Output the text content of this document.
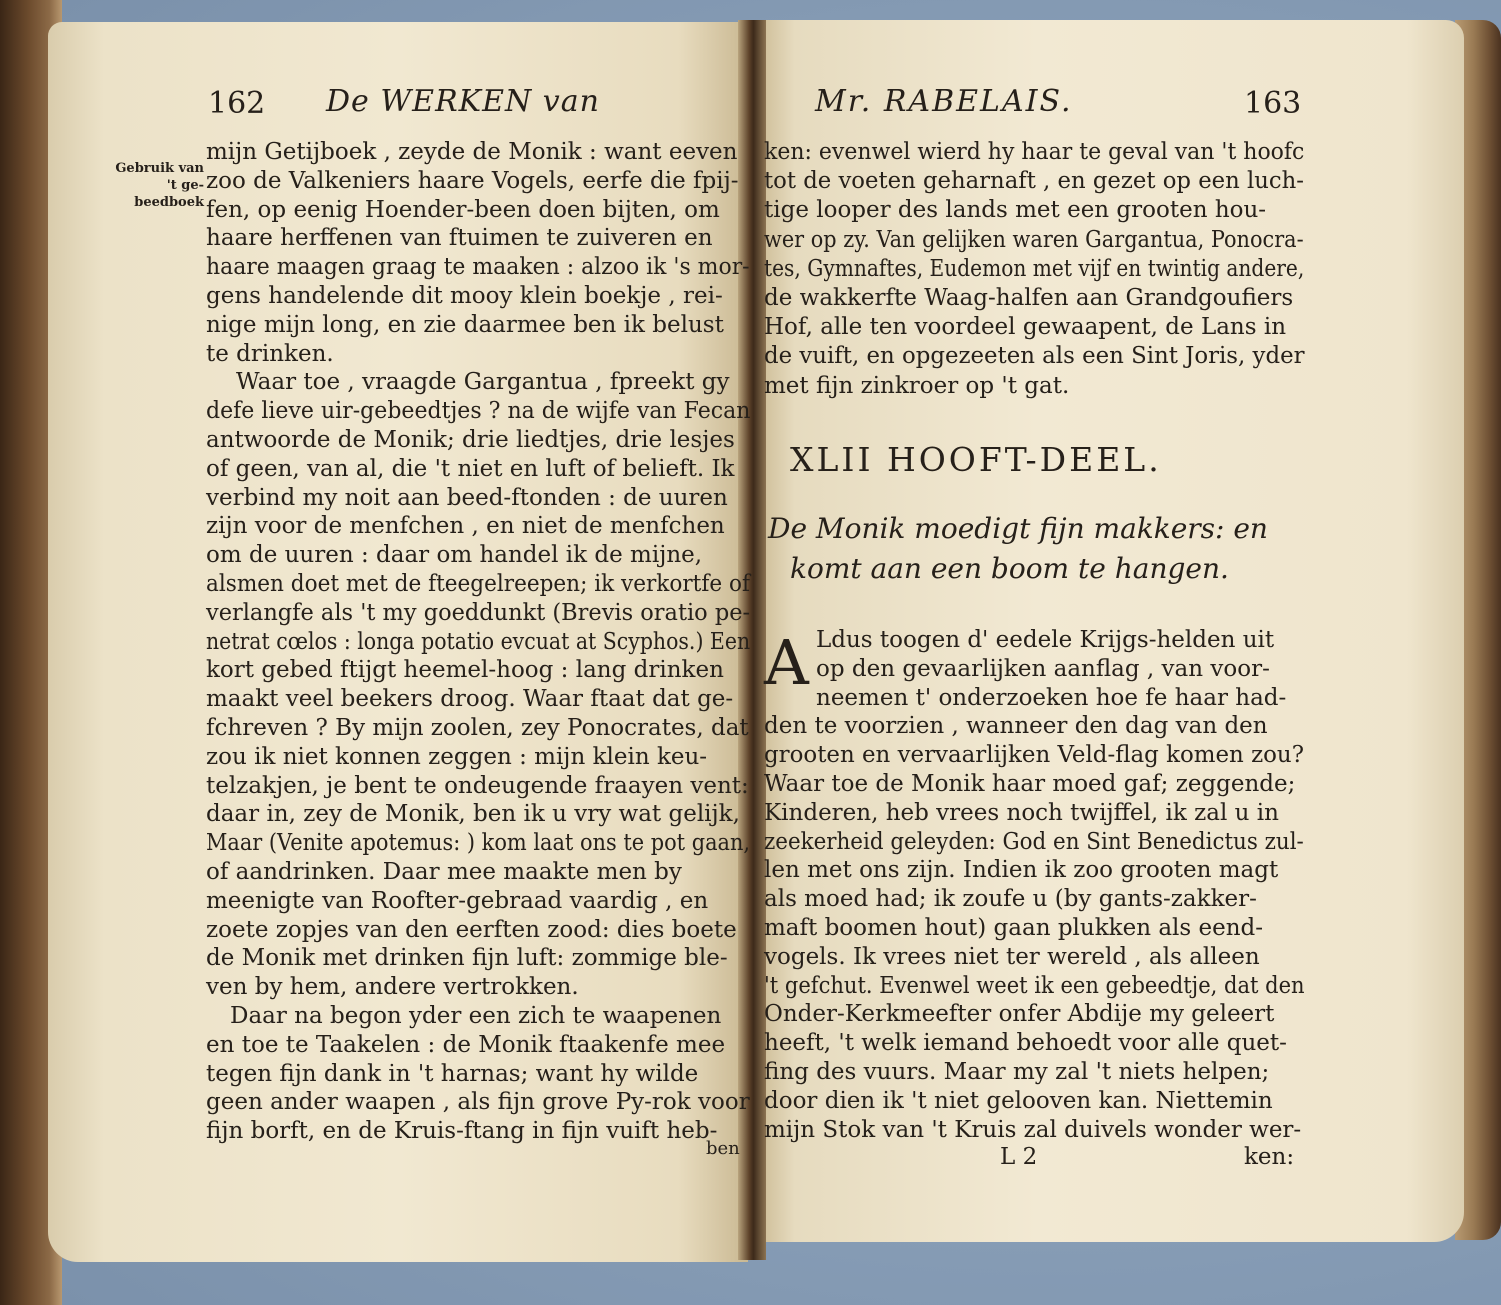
162 De WERKEN van
Gebruik van 't ge-beedboek
mijn Getijboek , zeyde de Monik : want eeven
zoo de Valkeniers haare Vogels, eerfe die fpij-
fen, op eenig Hoender-been doen bijten, om
haare herffenen van ftuimen te zuiveren en
haare maagen graag te maaken : alzoo ik 's mor-
gens handelende dit mooy klein boekje , rei-
nige mijn long, en zie daarmee ben ik belust
te drinken.
Waar toe , vraagde Gargantua , fpreekt gy
defe lieve uir-gebeedtjes ? na de wijfe van Fecan
antwoorde de Monik; drie liedtjes, drie lesjes
of geen, van al, die 't niet en luft of belieft. Ik
verbind my noit aan beed-ftonden : de uuren
zijn voor de menfchen , en niet de menfchen
om de uuren : daar om handel ik de mijne,
alsmen doet met de fteegelreepen; ik verkortfe of
verlangfe als 't my goeddunkt (Brevis oratio pe-
netrat cœlos : longa potatio evcuat at Scyphos.) Een
kort gebed ftijgt heemel-hoog : lang drinken
maakt veel beekers droog. Waar ftaat dat ge-
fchreven ? By mijn zoolen, zey Ponocrates, dat
zou ik niet konnen zeggen : mijn klein keu-
telzakjen, je bent te ondeugende fraayen vent:
daar in, zey de Monik, ben ik u vry wat gelijk,
Maar (Venite apotemus: ) kom laat ons te pot gaan,
of aandrinken. Daar mee maakte men by
meenigte van Roofter-gebraad vaardig , en
zoete zopjes van den eerften zood: dies boete
de Monik met drinken fijn luft: zommige ble-
ven by hem, andere vertrokken.
Daar na begon yder een zich te waapenen
en toe te Taakelen : de Monik ftaakenfe mee
tegen fijn dank in 't harnas; want hy wilde
geen ander waapen , als fijn grove Py-rok voor
fijn borft, en de Kruis-ftang in fijn vuift heb-
ben
Mr. RABELAIS.	163
ken: evenwel wierd hy haar te geval van 't hoofc
tot de voeten geharnaft , en gezet op een luch-
tige looper des lands met een grooten hou-
wer op zy. Van gelijken waren Gargantua, Ponocra-
tes, Gymnaftes, Eudemon met vijf en twintig andere,
de wakkerfte Waag-halfen aan Grandgoufiers
Hof, alle ten voordeel gewaapent, de Lans in
de vuift, en opgezeeten als een Sint Joris, yder
met fijn zinkroer op 't gat.
XLII HOOFT-DEEL.
De Monik moedigt fijn makkers: en
komt aan een boom te hangen.
A Ldus toogen d' eedele Krijgs-helden uit
op den gevaarlijken aanflag , van voor-
neemen t' onderzoeken hoe fe haar had-
den te voorzien , wanneer den dag van den
grooten en vervaarlijken Veld-flag komen zou?
Waar toe de Monik haar moed gaf; zeggende;
Kinderen, heb vrees noch twijffel, ik zal u in
zeekerheid geleyden: God en Sint Benedictus zul-
len met ons zijn. Indien ik zoo grooten magt
als moed had; ik zoufe u (by gants-zakker-
maft boomen hout) gaan plukken als eend-
vogels. Ik vrees niet ter wereld , als alleen
't gefchut. Evenwel weet ik een gebeedtje, dat den
Onder-Kerkmeefter onfer Abdije my geleert
heeft, 't welk iemand behoedt voor alle quet-
fing des vuurs. Maar my zal 't niets helpen;
door dien ik 't niet gelooven kan. Niettemin
mijn Stok van 't Kruis zal duivels wonder wer-
L 2	ken:
